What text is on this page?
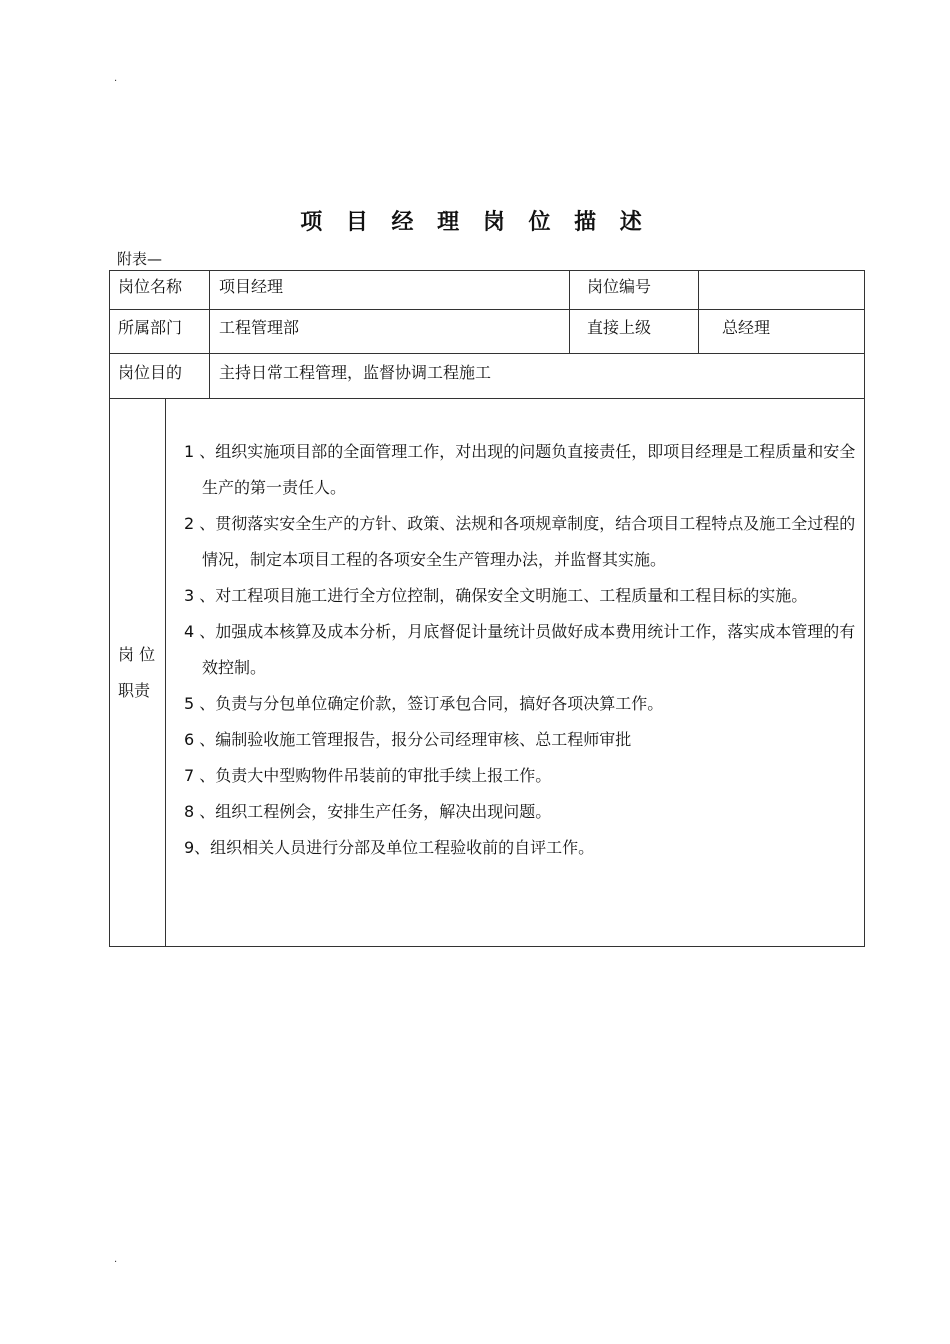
.
.
项 目 经 理 岗 位 描 述
附表—
岗位名称 项目经理	岗位编号
所属部门 工程管理部	直接上级	总经理
岗位目的 主持日常工程管理，监督协调工程施工
岗 位
职责
1 、组织实施项目部的全面管理工作，对出现的问题负直接责任，即项目经理是工程质量和安全生产的第一责任人。
2 、贯彻落实安全生产的方针、政策、法规和各项规章制度，结合项目工程特点及施工全过程的情况，制定本项目工程的各项安全生产管理办法，并监督其实施。
3 、对工程项目施工进行全方位控制，确保安全文明施工、工程质量和工程目标的实施。
4 、加强成本核算及成本分析，月底督促计量统计员做好成本费用统计工作，落实成本管理的有效控制。
5 、负责与分包单位确定价款，签订承包合同，搞好各项决算工作。
6 、编制验收施工管理报告，报分公司经理审核、总工程师审批
7 、负责大中型购物件吊装前的审批手续上报工作。
8 、组织工程例会，安排生产任务，解决出现问题。
9、组织相关人员进行分部及单位工程验收前的自评工作。
